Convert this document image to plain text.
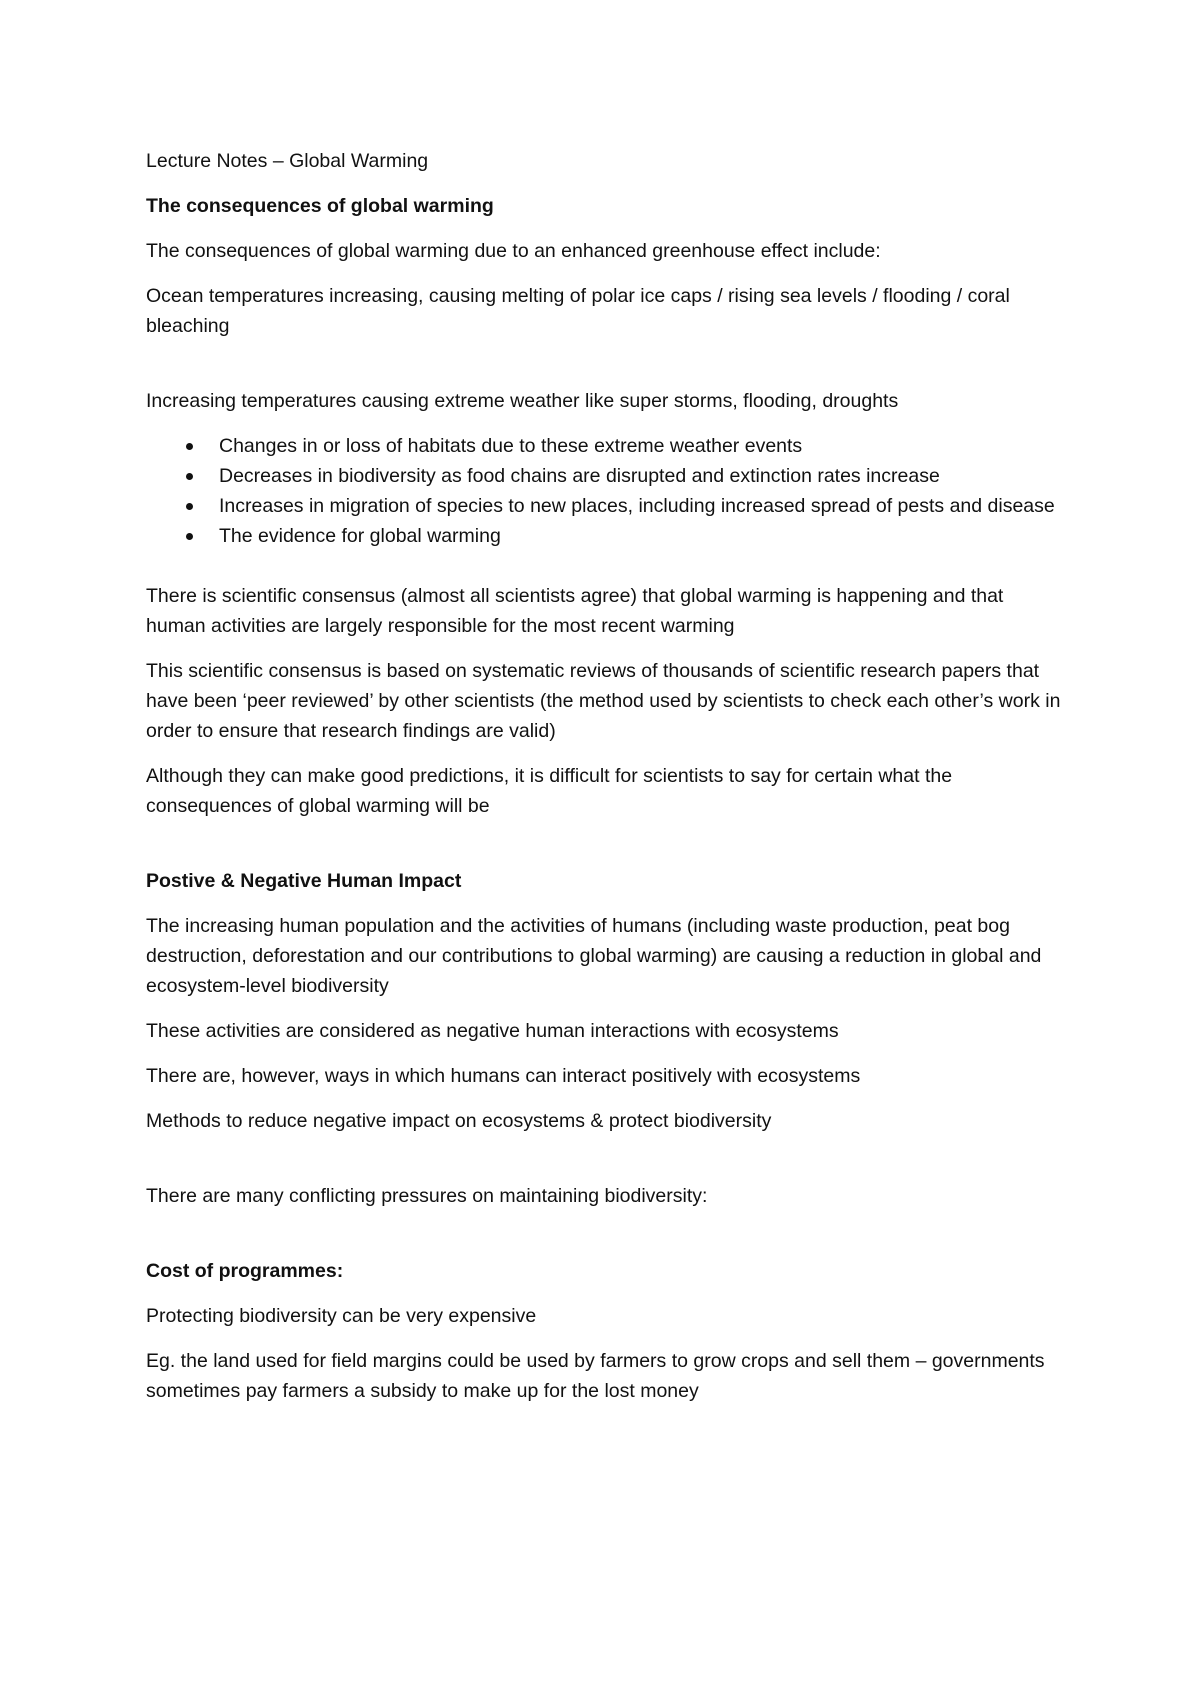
Lecture Notes – Global Warming

The consequences of global warming

The consequences of global warming due to an enhanced greenhouse effect include:

Ocean temperatures increasing, causing melting of polar ice caps / rising sea levels / flooding / coral bleaching

Increasing temperatures causing extreme weather like super storms, flooding, droughts

Changes in or loss of habitats due to these extreme weather events
Decreases in biodiversity as food chains are disrupted and extinction rates increase
Increases in migration of species to new places, including increased spread of pests and disease
The evidence for global warming

There is scientific consensus (almost all scientists agree) that global warming is happening and that human activities are largely responsible for the most recent warming

This scientific consensus is based on systematic reviews of thousands of scientific research papers that have been ‘peer reviewed’ by other scientists (the method used by scientists to check each other’s work in order to ensure that research findings are valid)

Although they can make good predictions, it is difficult for scientists to say for certain what the consequences of global warming will be

Postive & Negative Human Impact

The increasing human population and the activities of humans (including waste production, peat bog destruction, deforestation and our contributions to global warming) are causing a reduction in global and ecosystem-level biodiversity

These activities are considered as negative human interactions with ecosystems

There are, however, ways in which humans can interact positively with ecosystems

Methods to reduce negative impact on ecosystems & protect biodiversity

There are many conflicting pressures on maintaining biodiversity:

Cost of programmes:

Protecting biodiversity can be very expensive

Eg. the land used for field margins could be used by farmers to grow crops and sell them – governments sometimes pay farmers a subsidy to make up for the lost money
